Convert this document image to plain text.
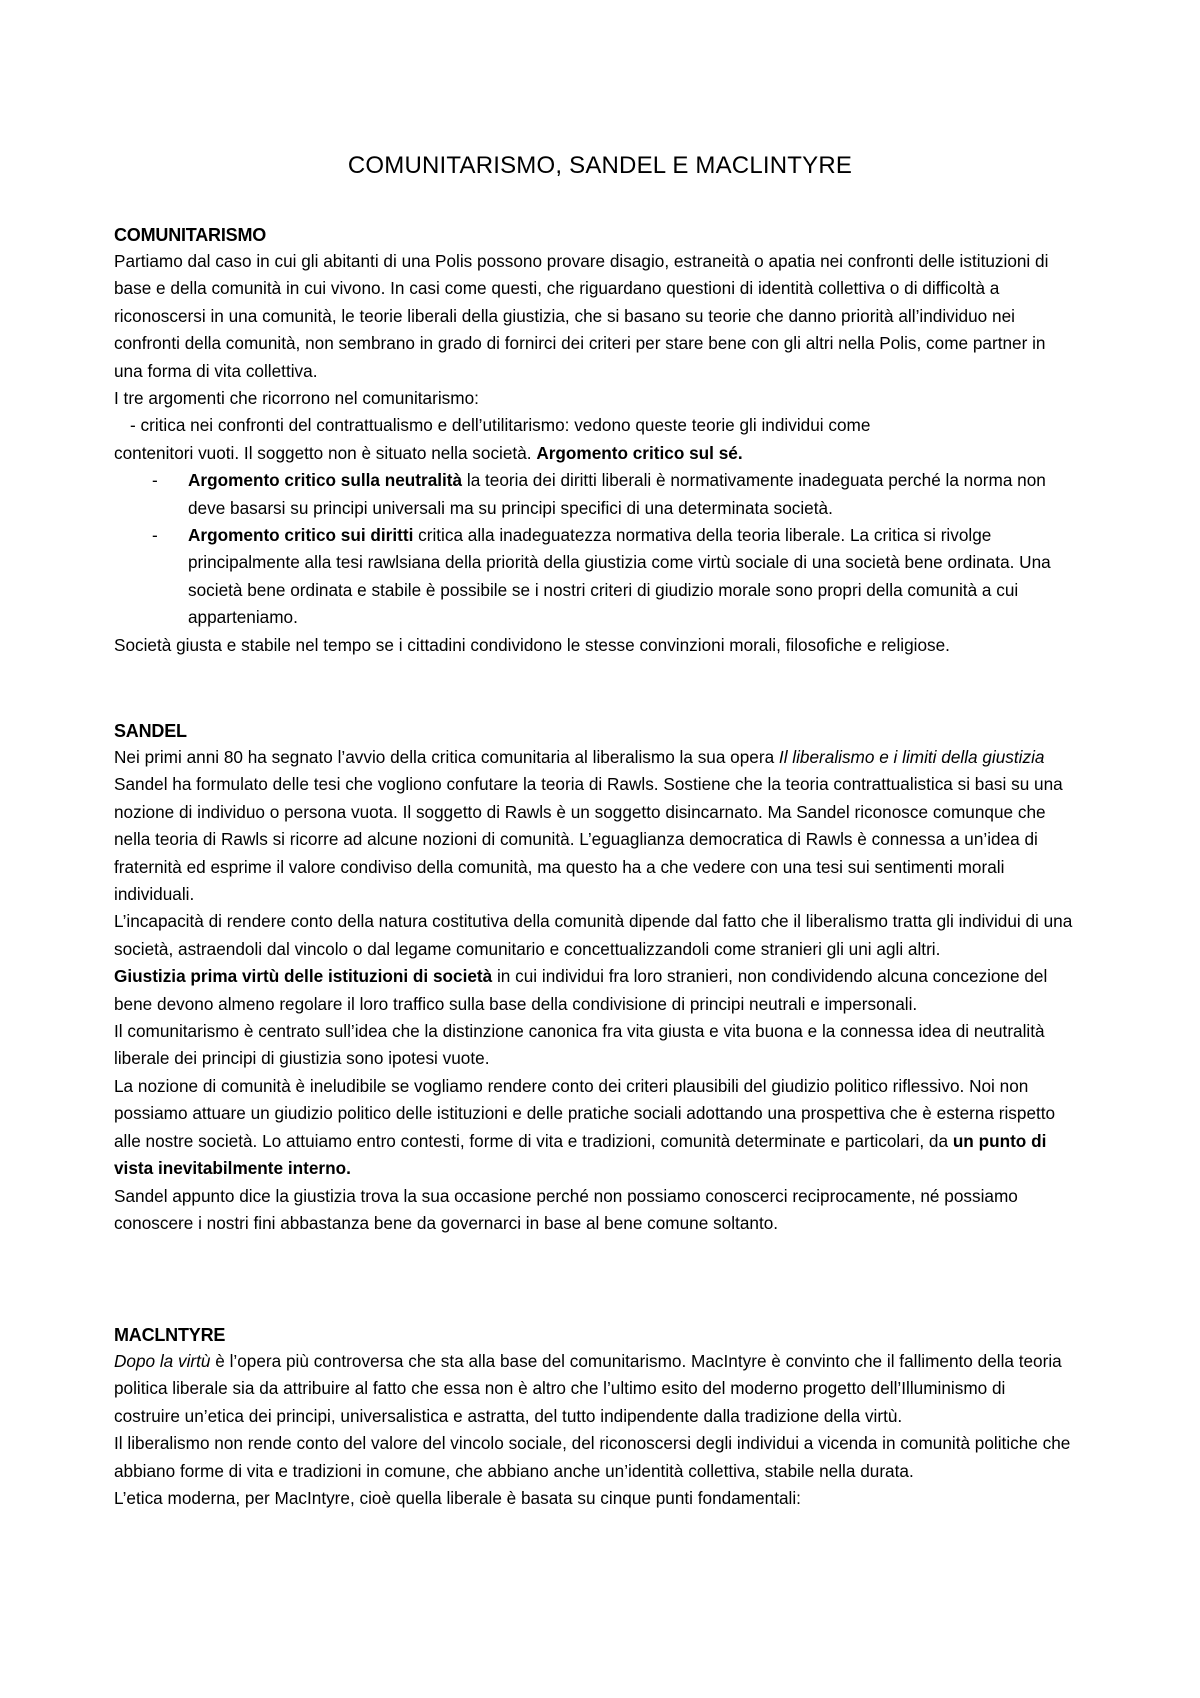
COMUNITARISMO, SANDEL E MACLINTYRE
COMUNITARISMO

Partiamo dal caso in cui gli abitanti di una Polis possono provare disagio, estraneità o apatia nei confronti delle istituzioni di base e della comunità in cui vivono. In casi come questi, che riguardano questioni di identità collettiva o di difficoltà a riconoscersi in una comunità, le teorie liberali della giustizia, che si basano su teorie che danno priorità all’individuo nei confronti della comunità, non sembrano in grado di fornirci dei criteri per stare bene con gli altri nella Polis, come partner in una forma di vita collettiva.

I tre argomenti che ricorrono nel comunitarismo:

- critica nei confronti del contrattualismo e dell’utilitarismo: vedono queste teorie gli individui come

contenitori vuoti. Il soggetto non è situato nella società. Argomento critico sul sé.

- Argomento critico sulla neutralità la teoria dei diritti liberali è normativamente inadeguata perché la norma non deve basarsi su principi universali ma su principi specifici di una determinata società.
- Argomento critico sui diritti critica alla inadeguatezza normativa della teoria liberale. La critica si rivolge principalmente alla tesi rawlsiana della priorità della giustizia come virtù sociale di una società bene ordinata. Una società bene ordinata e stabile è possibile se i nostri criteri di giudizio morale sono propri della comunità a cui apparteniamo.

Società giusta e stabile nel tempo se i cittadini condividono le stesse convinzioni morali, filosofiche e religiose.

SANDEL

Nei primi anni 80 ha segnato l’avvio della critica comunitaria al liberalismo la sua opera Il liberalismo e i limiti della giustizia Sandel ha formulato delle tesi che vogliono confutare la teoria di Rawls. Sostiene che la teoria contrattualistica si basi su una nozione di individuo o persona vuota. Il soggetto di Rawls è un soggetto disincarnato. Ma Sandel riconosce comunque che nella teoria di Rawls si ricorre ad alcune nozioni di comunità. L’eguaglianza democratica di Rawls è connessa a un’idea di fraternità ed esprime il valore condiviso della comunità, ma questo ha a che vedere con una tesi sui sentimenti morali individuali.

L’incapacità di rendere conto della natura costitutiva della comunità dipende dal fatto che il liberalismo tratta gli individui di una società, astraendoli dal vincolo o dal legame comunitario e concettualizzandoli come stranieri gli uni agli altri.

Giustizia prima virtù delle istituzioni di società in cui individui fra loro stranieri, non condividendo alcuna concezione del bene devono almeno regolare il loro traffico sulla base della condivisione di principi neutrali e impersonali.

Il comunitarismo è centrato sull’idea che la distinzione canonica fra vita giusta e vita buona e la connessa idea di neutralità liberale dei principi di giustizia sono ipotesi vuote.

La nozione di comunità è ineludibile se vogliamo rendere conto dei criteri plausibili del giudizio politico riflessivo. Noi non possiamo attuare un giudizio politico delle istituzioni e delle pratiche sociali adottando una prospettiva che è esterna rispetto alle nostre società. Lo attuiamo entro contesti, forme di vita e tradizioni, comunità determinate e particolari, da un punto di vista inevitabilmente interno.

Sandel appunto dice la giustizia trova la sua occasione perché non possiamo conoscerci reciprocamente, né possiamo conoscere i nostri fini abbastanza bene da governarci in base al bene comune soltanto.

MACLNTYRE

Dopo la virtù è l’opera più controversa che sta alla base del comunitarismo. MacIntyre è convinto che il fallimento della teoria politica liberale sia da attribuire al fatto che essa non è altro che l’ultimo esito del moderno progetto dell’Illuminismo di costruire un’etica dei principi, universalistica e astratta, del tutto indipendente dalla tradizione della virtù.

Il liberalismo non rende conto del valore del vincolo sociale, del riconoscersi degli individui a vicenda in comunità politiche che abbiano forme di vita e tradizioni in comune, che abbiano anche un’identità collettiva, stabile nella durata.

L’etica moderna, per MacIntyre, cioè quella liberale è basata su cinque punti fondamentali:
